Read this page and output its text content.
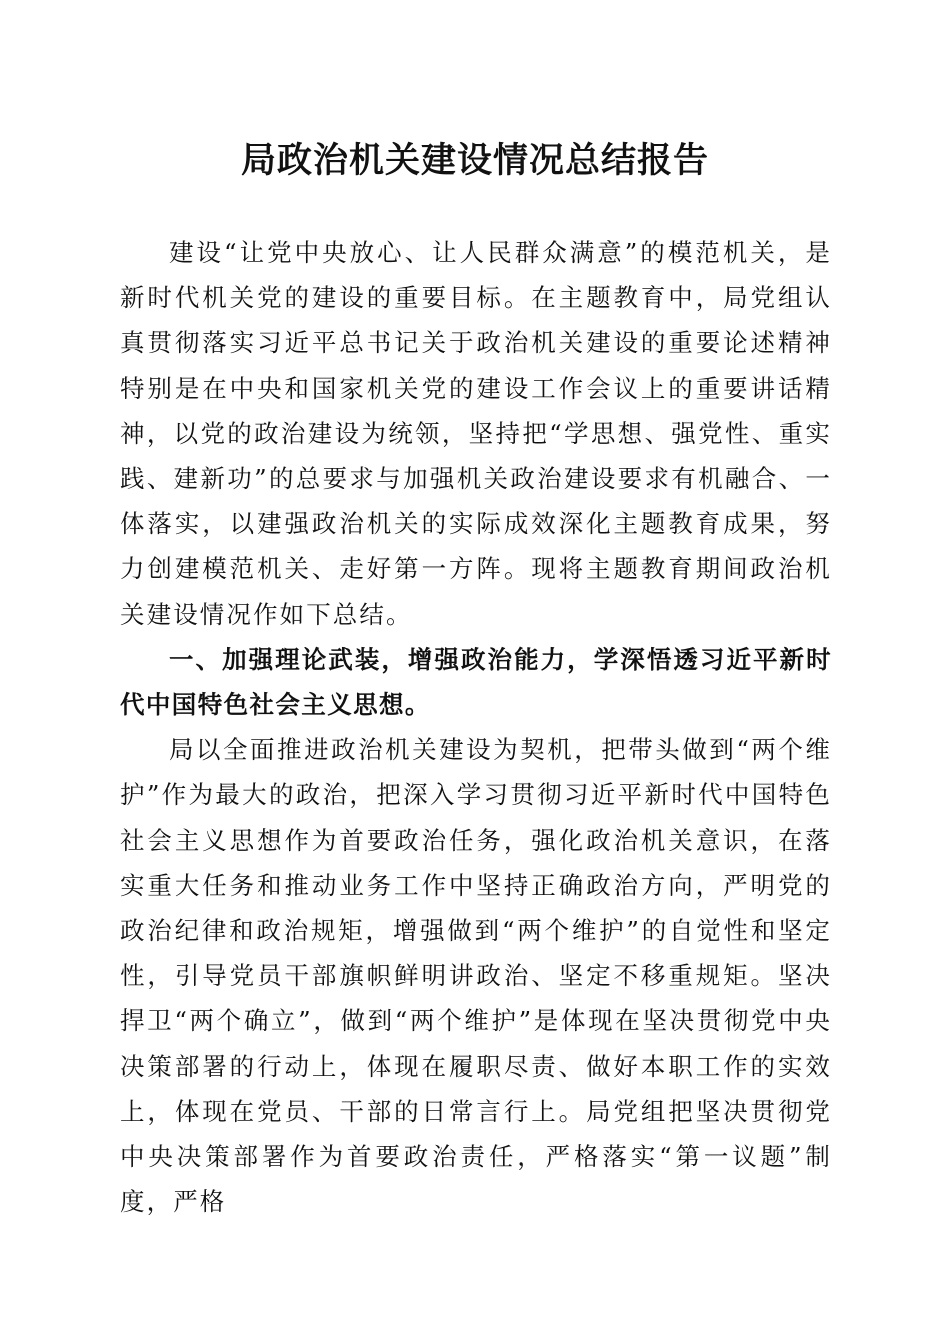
局政治机关建设情况总结报告

建设“让党中央放心、让人民群众满意”的模范机关，是新时代机关党的建设的重要目标。在主题教育中，局党组认真贯彻落实习近平总书记关于政治机关建设的重要论述精神特别是在中央和国家机关党的建设工作会议上的重要讲话精神，以党的政治建设为统领，坚持把“学思想、强党性、重实践、建新功”的总要求与加强机关政治建设要求有机融合、一体落实，以建强政治机关的实际成效深化主题教育成果，努力创建模范机关、走好第一方阵。现将主题教育期间政治机关建设情况作如下总结。

一、加强理论武装，增强政治能力，学深悟透习近平新时代中国特色社会主义思想。

局以全面推进政治机关建设为契机，把带头做到“两个维护”作为最大的政治，把深入学习贯彻习近平新时代中国特色社会主义思想作为首要政治任务，强化政治机关意识，在落实重大任务和推动业务工作中坚持正确政治方向，严明党的政治纪律和政治规矩，增强做到“两个维护”的自觉性和坚定性，引导党员干部旗帜鲜明讲政治、坚定不移重规矩。坚决捍卫“两个确立”，做到“两个维护”是体现在坚决贯彻党中央决策部署的行动上，体现在履职尽责、做好本职工作的实效上，体现在党员、干部的日常言行上。局党组把坚决贯彻党中央决策部署作为首要政治责任，严格落实“第一议题”制度，严格
